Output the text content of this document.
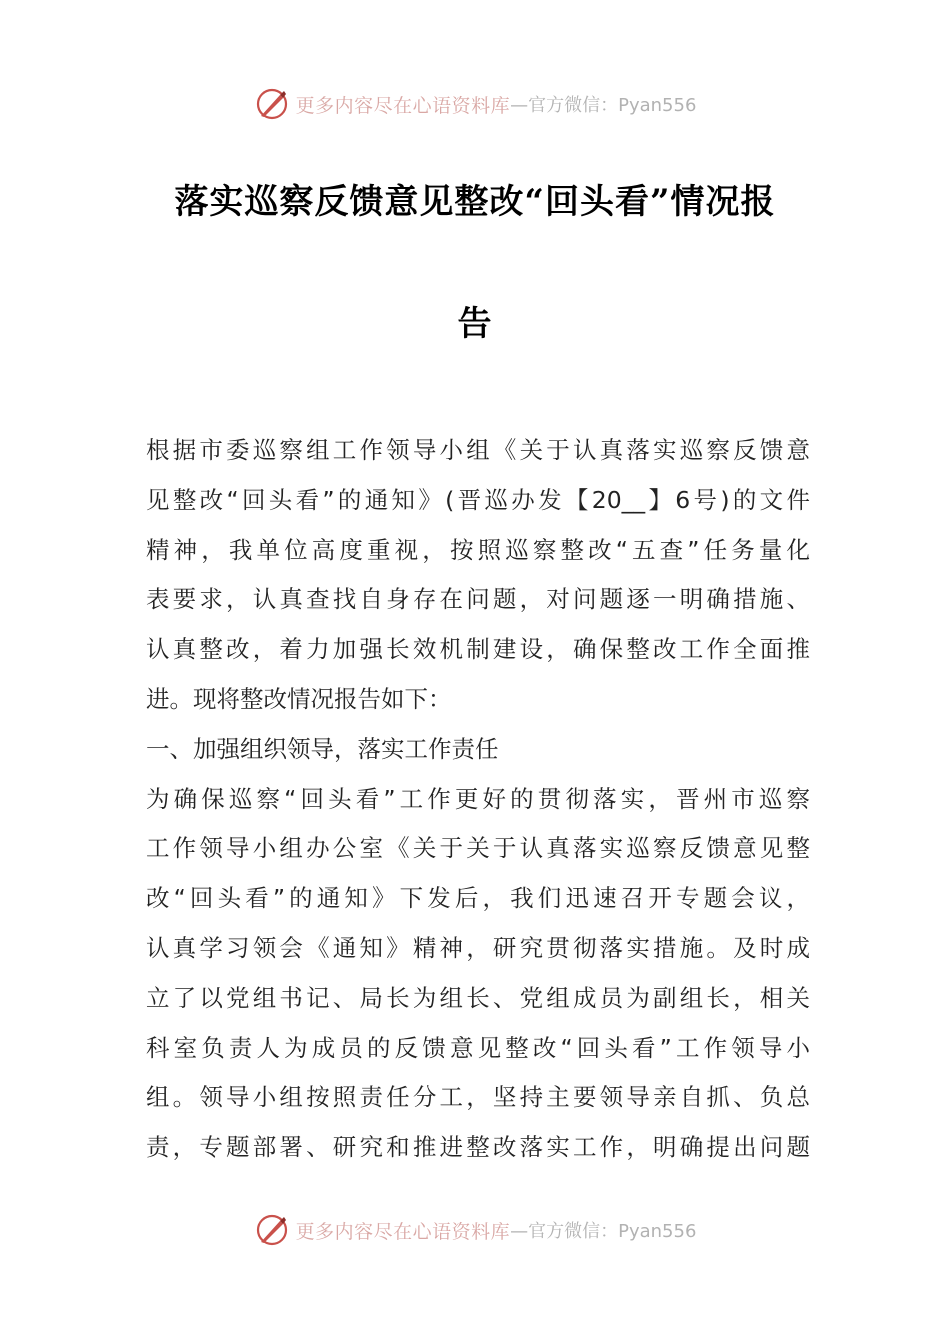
更多内容尽在心语资料库 —官方微信：Pyan556
落实巡察反馈意见整改“回头看”情况报
告
根据市委巡察组工作领导小组《关于认真落实巡察反馈意
见整改“回头看”的通知》(晋巡办发【20__】6号)的文件
精神，我单位高度重视，按照巡察整改“五查”任务量化
表要求，认真查找自身存在问题，对问题逐一明确措施、
认真整改，着力加强长效机制建设，确保整改工作全面推
进。现将整改情况报告如下：
一、加强组织领导，落实工作责任
为确保巡察“回头看”工作更好的贯彻落实，晋州市巡察
工作领导小组办公室《关于关于认真落实巡察反馈意见整
改“回头看”的通知》下发后，我们迅速召开专题会议，
认真学习领会《通知》精神，研究贯彻落实措施。及时成
立了以党组书记、局长为组长、党组成员为副组长，相关
科室负责人为成员的反馈意见整改“回头看”工作领导小
组。领导小组按照责任分工，坚持主要领导亲自抓、负总
责，专题部署、研究和推进整改落实工作，明确提出问题
更多内容尽在心语资料库 —官方微信：Pyan556
